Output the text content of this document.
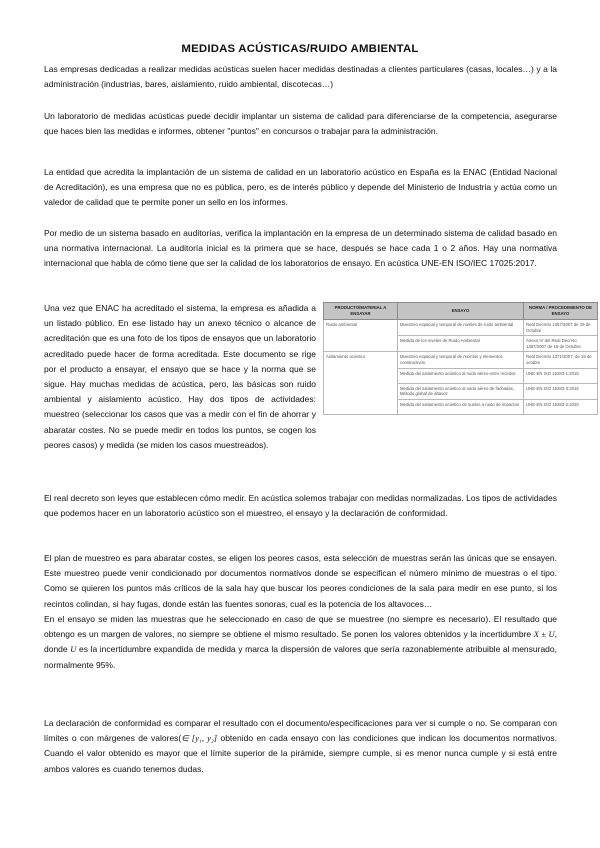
MEDIDAS ACÚSTICAS/RUIDO AMBIENTAL

Las empresas dedicadas a realizar medidas acústicas suelen hacer medidas destinadas a clientes particulares (casas, locales…) y a la administración (industrias, bares, aislamiento, ruido ambiental, discotecas…)

Un laboratorio de medidas acústicas puede decidir implantar un sistema de calidad para diferenciarse de la competencia, asegurarse que haces bien las medidas e informes, obtener "puntos" en concursos o trabajar para la administración.

La entidad que acredita la implantación de un sistema de calidad en un laboratorio acústico en España es la ENAC (Entidad Nacional de Acreditación), es una empresa que no es pública, pero, es de interés público y depende del Ministerio de Industria y actúa como un valedor de calidad que te permite poner un sello en los informes.

Por medio de un sistema basado en auditorías, verifica la implantación en la empresa de un determinado sistema de calidad basado en una normativa internacional. La auditoría inicial es la primera que se hace, después se hace cada 1 o 2 años. Hay una normativa internacional que habla de cómo tiene que ser la calidad de los laboratorios de ensayo. En acústica UNE-EN ISO/IEC 17025:2017.

Una vez que ENAC ha acreditado el sistema, la empresa es añadida a un listado público. En ese listado hay un anexo técnico o alcance de acreditación que es una foto de los tipos de ensayos que un laboratorio acreditado puede hacer de forma acreditada. Este documento se rige por el producto a ensayar, el ensayo que se hace y la norma que se sigue. Hay muchas medidas de acústica, pero, las básicas son ruido ambiental y aislamiento acústico. Hay dos tipos de actividades: muestreo (seleccionar los casos que vas a medir con el fin de ahorrar y abaratar costes. No se puede medir en todos los puntos, se cogen los peores casos) y medida (se miden los casos muestreados).

PRODUCTO/MATERIAL A ENSAYAR	ENSAYO	NORMA / PROCEDIMIENTO DE ENSAYO
Ruido ambiental	Muestreo espacial y temporal de niveles de ruido ambiental	Real Decreto 1367/2007 de 19 de Octubre
	Medida de los niveles de Ruido Ambiental	Anexo IV del Real Decreto 1367/2007 de 19 de Octubre
Aislamiento acústico	Muestreo espacial y temporal de recintos y elementos constructivos	Real Decreto 1371/2007, de 19 de octubre
	Medida del aislamiento acústico al ruido aéreo entre recintos	UNE-EN ISO 16283-1:2015
	Medida del aislamiento acústico al ruido aéreo de fachadas. Método global de altavoz	UNE-EN ISO 16283-3:2016
	Medida del aislamiento acústico de suelos a ruido de impactos	UNE-EN ISO 16283-2:2020

El real decreto son leyes que establecen cómo medir. En acústica solemos trabajar con medidas normalizadas. Los tipos de actividades que podemos hacer en un laboratorio acústico son el muestreo, el ensayo y la declaración de conformidad.

El plan de muestreo es para abaratar costes, se eligen los peores casos, esta selección de muestras serán las únicas que se ensayen. Este muestreo puede venir condicionado por documentos normativos donde se especifican el número mínimo de muestras o el tipo. Como se quieren los puntos más críticos de la sala hay que buscar los peores condiciones de la sala para medir en ese punto, si los recintos colindan, si hay fugas, donde están las fuentes sonoras, cual es la potencia de los altavoces…

En el ensayo se miden las muestras que he seleccionado en caso de que se muestree (no siempre es necesario). El resultado que obtengo es un margen de valores, no siempre se obtiene el mismo resultado. Se ponen los valores obtenidos y la incertidumbre X ± U, donde U es la incertidumbre expandida de medida y marca la dispersión de valores que sería razonablemente atribuible al mensurado, normalmente 95%.

La declaración de conformidad es comparar el resultado con el documento/especificaciones para ver si cumple o no. Se comparan con límites o con márgenes de valores(∈ [y₁, y₂] obtenido en cada ensayo con las condiciones que indican los documentos normativos. Cuando el valor obtenido es mayor que el límite superior de la pirámide, siempre cumple, si es menor nunca cumple y si está entre ambos valores es cuando tenemos dudas.
